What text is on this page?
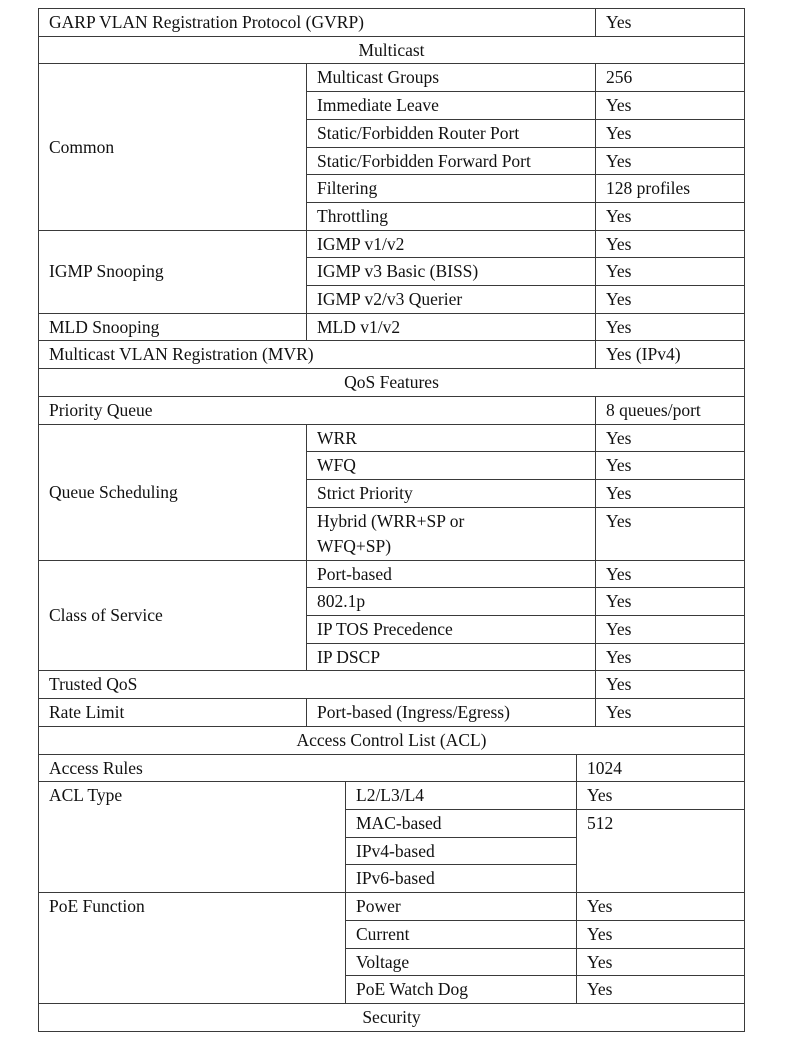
GARP VLAN Registration Protocol (GVRP)				Yes
Multicast				
Common	Multicast Groups			256
	Immediate Leave			Yes
	Static/Forbidden Router Port			Yes
	Static/Forbidden Forward Port			Yes
	Filtering			128 profiles
	Throttling			Yes
IGMP Snooping	IGMP v1/v2			Yes
	IGMP v3 Basic (BISS)			Yes
	IGMP v2/v3 Querier			Yes
MLD Snooping	MLD v1/v2			Yes
Multicast VLAN Registration (MVR)				Yes (IPv4)
QoS Features				
Priority Queue				8 queues/port
Queue Scheduling	WRR			Yes
	WFQ			Yes
	Strict Priority			Yes

	Hybrid (WRR+SP or WFQ+SP)			Yes
Class of Service	Port-based			Yes
	802.1p			Yes
	IP TOS Precedence			Yes
	IP DSCP			Yes
Trusted QoS				Yes
Rate Limit	Port-based (Ingress/Egress)			Yes
Access Control List (ACL)				
Access Rules			1024	
ACL Type		L2/L3/L4	Yes	
		MAC-based	512	
		IPv4-based		
		IPv6-based		
PoE Function		Power	Yes	
		Current	Yes	
		Voltage	Yes	
		PoE Watch Dog	Yes	
Security				
